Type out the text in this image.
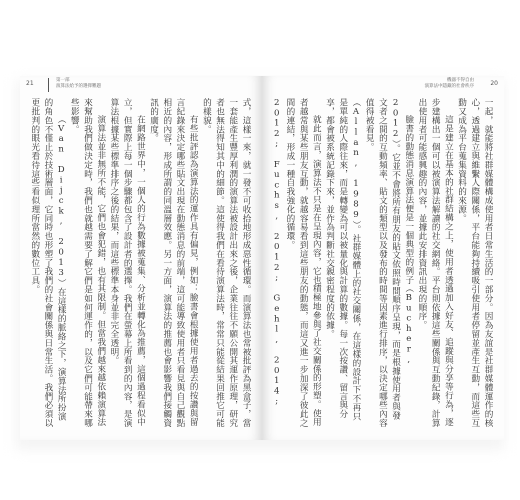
21	第一部
演算法給予的選擇難題

式，這樣一來，就一發不可收拾地形成惡性循環。而演算法也常被批評為黑盒子，當一套能產生豐厚利潤的演算法被設計出來之後，企業往往不願公開其運作原理，研究者也無法得知其中的細節。這使得我們在看待演算法時，常常只能從結果回推它可能的樣貌。

有些批評認為演算法的運作具有偏見，例如：臉書會根據使用者過去的按讚與留言紀錄來決定哪些貼文出現在動態消息的前端，這可能導致使用者只看見與自己觀點相近的內容，形成所謂的同溫層效應。另一方面，演算法的推薦也會影響我們接觸資訊的廣度。

在網路世界中，一個人的行為數據被蒐集、分析並轉化為推薦，這個過程看似中立，但實際上每一個步驟都包含了設計者的選擇。我們在螢幕上所看到的內容，是演算法根據某些標準排序之後的結果，而這些標準本身並非完全透明。

演算法並非無所不能，它們也會犯錯，也有其限制。但當我們越來越依賴演算法來幫助我們做決定時，我們也就越需要了解它們是如何運作的，以及它們可能帶來哪些影響。

（Van Dijck, 2013）在這樣的脈絡之下，演算法所扮演的角色不僅止於技術層面，它同時也形塑了我們的社會關係與日常生活。我們必須以更批判的眼光看待這些看似理所當然的數位工具。

20
機器不得自由
演算法中隱藏的社會秩序

一起，就能將社群媒體構成使用者日常生活的一部分。因為友誼是社群媒體運作的核心，透過建立與維繫人際關係，平台能夠持續吸引使用者停留並產生互動，而這些互動又成為平台蒐集資料的來源。

這是建立在基本的社群結構之上，使用者透過加入好友、追蹤與分享等行為，逐步建構出一個可以被演算法解讀的社交網絡。平台則依據這些關係與互動紀錄，計算出使用者可能感興趣的內容，並據此安排資訊出現的順序。

臉書的動態消息演算法便是一個典型的例子（Bucher, 2012）。它並不會將所有朋友的貼文依照時間順序呈現，而是根據使用者與發文者之間的互動頻率、貼文的類型以及發布的時間等因素進行排序，以決定哪些內容值得被看見。

（Allan, 1989）。社群媒體上的社交關係，在這樣的設計下不再只是單純的人際往來，而是轉變為可以被量化與計算的數據。每一次按讚、留言與分享，都會被系統記錄下來，並作為判斷社交親密程度的依據。

就此而言，演算法不只是在呈現內容，它也積極地參與了社交關係的形塑。使用者越常與某些朋友互動，就越容易看到這些朋友的動態，而這又進一步加深了彼此之間的連結，形成一種自我強化的循環。

2012; Fuchs, 2012; Gehl, 2014;
